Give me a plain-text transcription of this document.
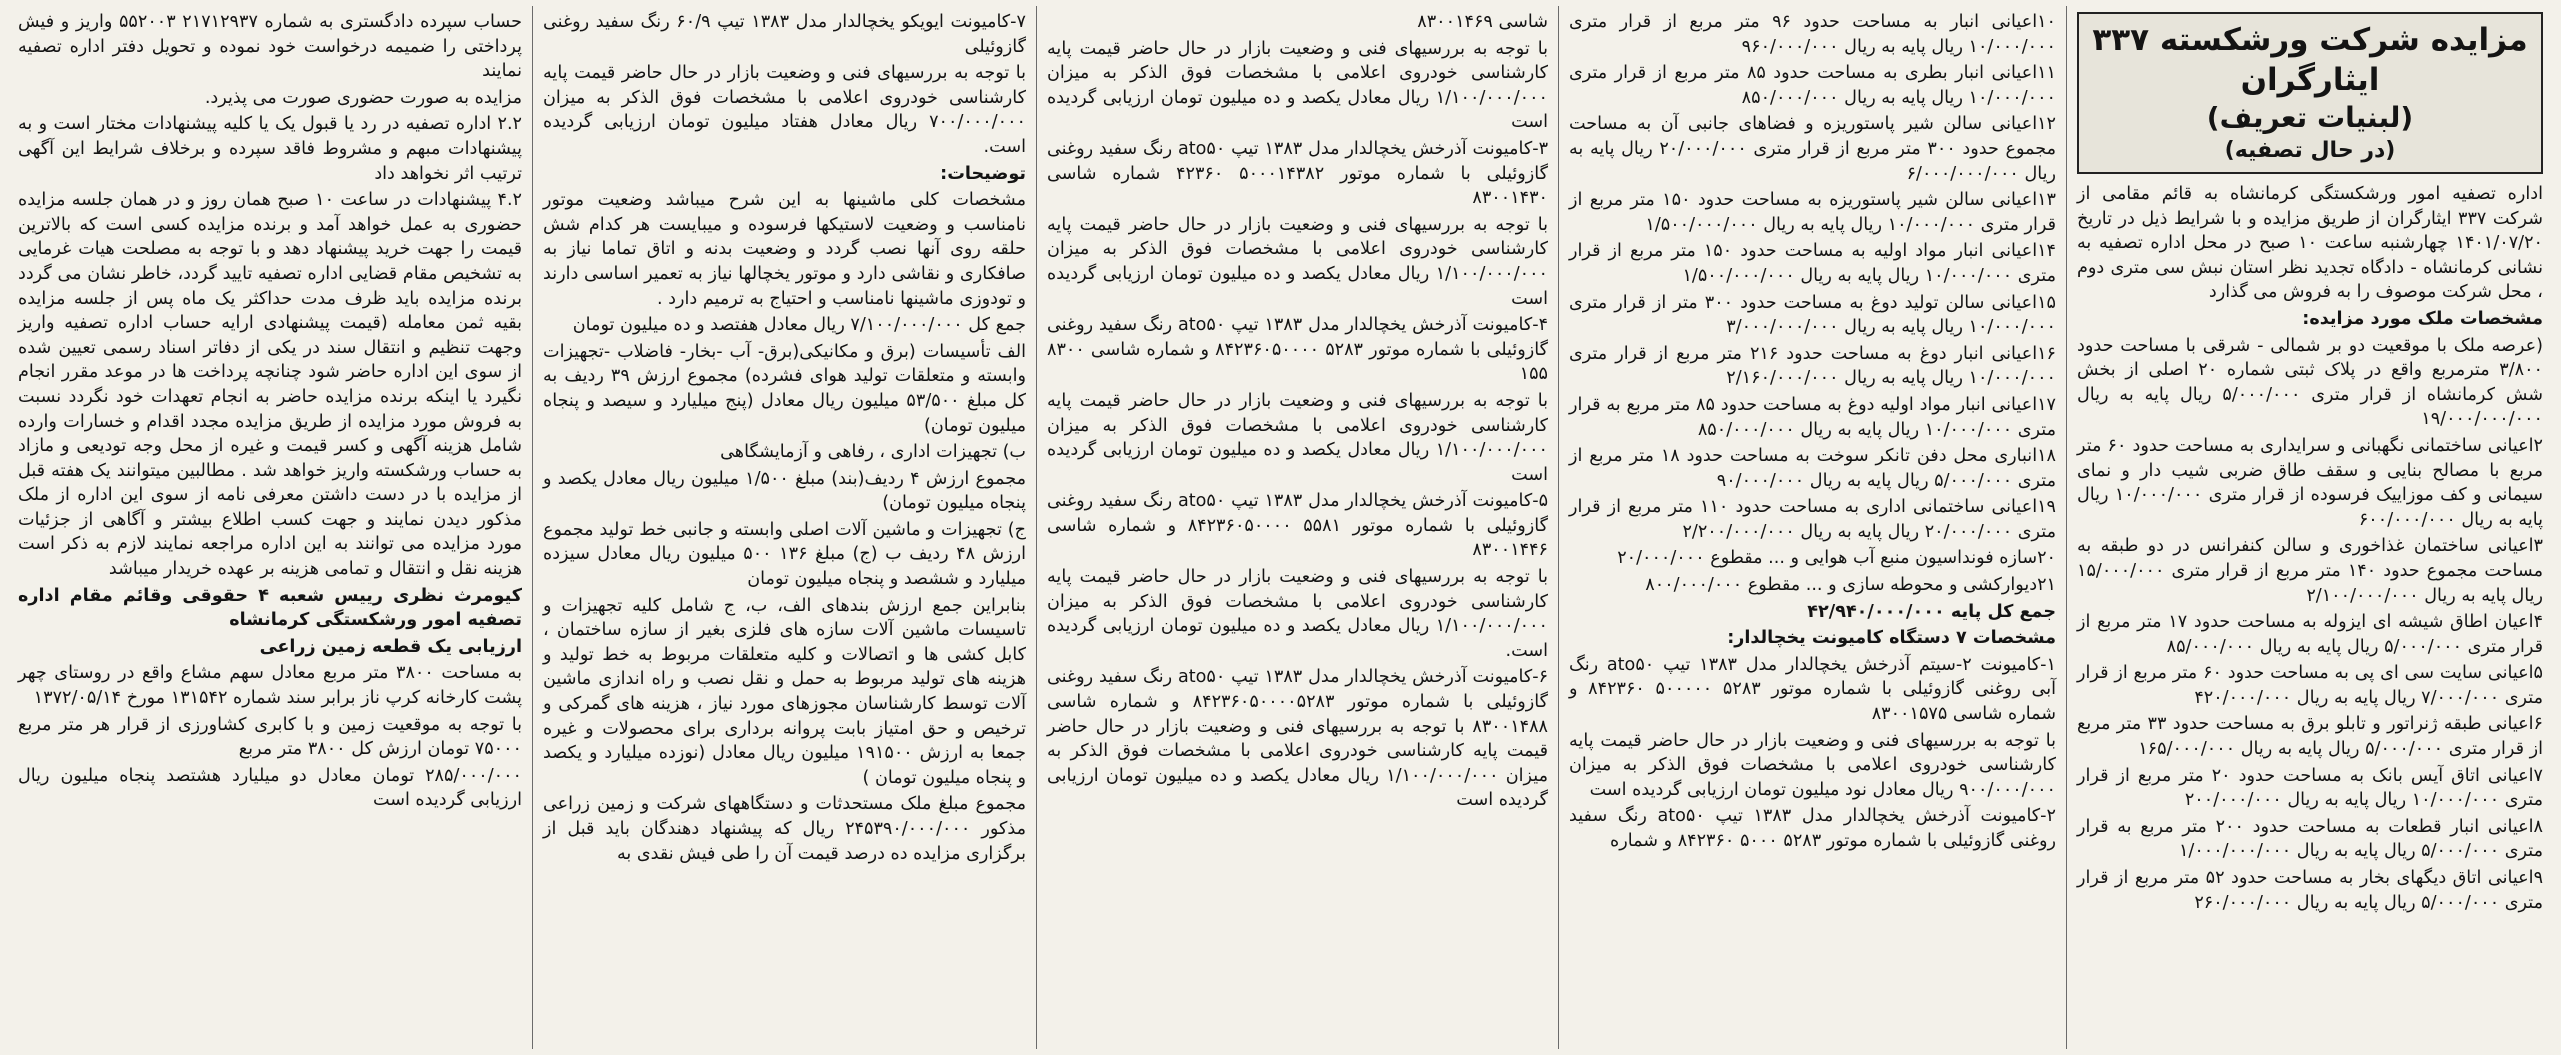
مزایده شرکت ورشکسته ۳۳۷ ایثارگران
(لبنیات تعریف)
(در حال تصفیه)

اداره تصفیه امور ورشکستگی کرمانشاه به قائم مقامی از شرکت ۳۳۷ ایثارگران از طریق مزایده و با شرایط ذیل در تاریخ ۱۴۰۱/۰۷/۲۰ چهارشنبه ساعت ۱۰ صبح در محل اداره تصفیه به نشانی کرمانشاه - دادگاه تجدید نظر استان نبش سی متری دوم ، محل شرکت موصوف را به فروش می گذارد

مشخصات ملک مورد مزایده:

(عرصه ملک با موقعیت دو بر شمالی - شرقی با مساحت حدود ۳/۸۰۰ مترمربع واقع در پلاک ثبتی شماره ۲۰ اصلی از بخش شش کرمانشاه از قرار متری ۵/۰۰۰/۰۰۰ ریال پایه به ریال ۱۹/۰۰۰/۰۰۰/۰۰۰

۲اعیانی ساختمانی نگهبانی و سرایداری به مساحت حدود ۶۰ متر مربع با مصالح بنایی و سقف طاق ضربی شیب دار و نمای سیمانی و کف موزاییک فرسوده از قرار متری ۱۰/۰۰۰/۰۰۰ ریال پایه به ریال ۶۰۰/۰۰۰/۰۰۰

۳اعیانی ساختمان غذاخوری و سالن کنفرانس در دو طبقه به مساحت مجموع حدود ۱۴۰ متر مربع از قرار متری ۱۵/۰۰۰/۰۰۰ ریال پایه به ریال ۲/۱۰۰/۰۰۰/۰۰۰

۴اعیان اطاق شیشه ای ایزوله به مساحت حدود ۱۷ متر مربع از قرار متری ۵/۰۰۰/۰۰۰ ریال پایه به ریال ۸۵/۰۰۰/۰۰۰

۵اعیانی سایت سی ای پی به مساحت حدود ۶۰ متر مربع از قرار متری ۷/۰۰۰/۰۰۰ ریال پایه به ریال ۴۲۰/۰۰۰/۰۰۰

۶اعیانی طبقه ژنراتور و تابلو برق به مساحت حدود ۳۳ متر مربع از قرار متری ۵/۰۰۰/۰۰۰ ریال پایه به ریال ۱۶۵/۰۰۰/۰۰۰

۷اعیانی اتاق آیس بانک به مساحت حدود ۲۰ متر مربع از قرار متری ۱۰/۰۰۰/۰۰۰ ریال پایه به ریال ۲۰۰/۰۰۰/۰۰۰

۸اعیانی انبار قطعات به مساحت حدود ۲۰۰ متر مربع به قرار متری ۵/۰۰۰/۰۰۰ ریال پایه به ریال ۱/۰۰۰/۰۰۰/۰۰۰

۹اعیانی اتاق دیگهای بخار به مساحت حدود ۵۲ متر مربع از قرار متری ۵/۰۰۰/۰۰۰ ریال پایه به ریال ۲۶۰/۰۰۰/۰۰۰

۱۰اعیانی انبار به مساحت حدود ۹۶ متر مربع از قرار متری ۱۰/۰۰۰/۰۰۰ ریال پایه به ریال ۹۶۰/۰۰۰/۰۰۰

۱۱اعیانی انبار بطری به مساحت حدود ۸۵ متر مربع از قرار متری ۱۰/۰۰۰/۰۰۰ ریال پایه به ریال ۸۵۰/۰۰۰/۰۰۰

۱۲اعیانی سالن شیر پاستوریزه و فضاهای جانبی آن به مساحت مجموع حدود ۳۰۰ متر مربع از قرار متری ۲۰/۰۰۰/۰۰۰ ریال پایه به ریال ۶/۰۰۰/۰۰۰/۰۰۰

۱۳اعیانی سالن شیر پاستوریزه به مساحت حدود ۱۵۰ متر مربع از قرار متری ۱۰/۰۰۰/۰۰۰ ریال پایه به ریال ۱/۵۰۰/۰۰۰/۰۰۰

۱۴اعیانی انبار مواد اولیه به مساحت حدود ۱۵۰ متر مربع از قرار متری ۱۰/۰۰۰/۰۰۰ ریال پایه به ریال ۱/۵۰۰/۰۰۰/۰۰۰

۱۵اعیانی سالن تولید دوغ به مساحت حدود ۳۰۰ متر از قرار متری ۱۰/۰۰۰/۰۰۰ ریال پایه به ریال ۳/۰۰۰/۰۰۰/۰۰۰

۱۶اعیانی انبار دوغ به مساحت حدود ۲۱۶ متر مربع از قرار متری ۱۰/۰۰۰/۰۰۰ ریال پایه به ریال ۲/۱۶۰/۰۰۰/۰۰۰

۱۷اعیانی انبار مواد اولیه دوغ به مساحت حدود ۸۵ متر مربع به قرار متری ۱۰/۰۰۰/۰۰۰ ریال پایه به ریال ۸۵۰/۰۰۰/۰۰۰

۱۸انباری محل دفن تانکر سوخت به مساحت حدود ۱۸ متر مربع از متری ۵/۰۰۰/۰۰۰ ریال پایه به ریال ۹۰/۰۰۰/۰۰۰

۱۹اعیانی ساختمانی اداری به مساحت حدود ۱۱۰ متر مربع از قرار متری ۲۰/۰۰۰/۰۰۰ ریال پایه به ریال ۲/۲۰۰/۰۰۰/۰۰۰

۲۰سازه فونداسیون منبع آب هوایی و ... مقطوع ۲۰/۰۰۰/۰۰۰

۲۱دیوارکشی و محوطه سازی و ... مقطوع ۸۰۰/۰۰۰/۰۰۰

جمع کل پایه ۴۲/۹۴۰/۰۰۰/۰۰۰

مشخصات ۷ دستگاه کامیونت یخچالدار:

۱-کامیونت ۲-سیتم آذرخش یخچالدار مدل ۱۳۸۳ تیپ ato۵۰ رنگ آبی روغنی گازوئیلی با شماره موتور ۵۲۸۳ ۵۰۰۰۰۰ ۸۴۲۳۶۰ و شماره شاسی ۸۳۰۰۱۵۷۵

با توجه به بررسیهای فنی و وضعیت بازار در حال حاضر قیمت پایه کارشناسی خودروی اعلامی با مشخصات فوق الذکر به میزان ۹۰۰/۰۰۰/۰۰۰ ریال معادل نود میلیون تومان ارزیابی گردیده است

۲-کامیونت آذرخش یخچالدار مدل ۱۳۸۳ تیپ ato۵۰ رنگ سفید روغنی گازوئیلی با شماره موتور ۵۲۸۳ ۵۰۰۰ ۸۴۲۳۶۰ و شماره

شاسی ۸۳۰۰۱۴۶۹

با توجه به بررسیهای فنی و وضعیت بازار در حال حاضر قیمت پایه کارشناسی خودروی اعلامی با مشخصات فوق الذکر به میزان ۱/۱۰۰/۰۰۰/۰۰۰ ریال معادل یکصد و ده میلیون تومان ارزیابی گردیده است

۳-کامیونت آذرخش یخچالدار مدل ۱۳۸۳ تیپ ato۵۰ رنگ سفید روغنی گازوئیلی با شماره موتور ۵۰۰۰۱۴۳۸۲ ۴۲۳۶۰ شماره شاسی ۸۳۰۰۱۴۳۰

با توجه به بررسیهای فنی و وضعیت بازار در حال حاضر قیمت پایه کارشناسی خودروی اعلامی با مشخصات فوق الذکر به میزان ۱/۱۰۰/۰۰۰/۰۰۰ ریال معادل یکصد و ده میلیون تومان ارزیابی گردیده است

۴-کامیونت آذرخش یخچالدار مدل ۱۳۸۳ تیپ ato۵۰ رنگ سفید روغنی گازوئیلی با شماره موتور ۵۲۸۳ ۸۴۲۳۶۰۵۰۰۰۰ و شماره شاسی ۸۳۰۰ ۱۵۵

با توجه به بررسیهای فنی و وضعیت بازار در حال حاضر قیمت پایه کارشناسی خودروی اعلامی با مشخصات فوق الذکر به میزان ۱/۱۰۰/۰۰۰/۰۰۰ ریال معادل یکصد و ده میلیون تومان ارزیابی گردیده است

۵-کامیونت آذرخش یخچالدار مدل ۱۳۸۳ تیپ ato۵۰ رنگ سفید روغنی گازوئیلی با شماره موتور ۵۵۸۱ ۸۴۲۳۶۰۵۰۰۰۰ و شماره شاسی ۸۳۰۰۱۴۴۶

با توجه به بررسیهای فنی و وضعیت بازار در حال حاضر قیمت پایه کارشناسی خودروی اعلامی با مشخصات فوق الذکر به میزان ۱/۱۰۰/۰۰۰/۰۰۰ ریال معادل یکصد و ده میلیون تومان ارزیابی گردیده است.

۶-کامیونت آذرخش یخچالدار مدل ۱۳۸۳ تیپ ato۵۰ رنگ سفید روغنی گازوئیلی با شماره موتور ۸۴۲۳۶۰۵۰۰۰۰۵۲۸۳ و شماره شاسی ۸۳۰۰۱۴۸۸ با توجه به بررسیهای فنی و وضعیت بازار در حال حاضر قیمت پایه کارشناسی خودروی اعلامی با مشخصات فوق الذکر به میزان ۱/۱۰۰/۰۰۰/۰۰۰ ریال معادل یکصد و ده میلیون تومان ارزیابی گردیده است

۷-کامیونت ایویکو یخچالدار مدل ۱۳۸۳ تیپ ۶۰/۹ رنگ سفید روغنی گازوئیلی

با توجه به بررسیهای فنی و وضعیت بازار در حال حاضر قیمت پایه کارشناسی خودروی اعلامی با مشخصات فوق الذکر به میزان ۷۰۰/۰۰۰/۰۰۰ ریال معادل هفتاد میلیون تومان ارزیابی گردیده است.

توضیحات:

مشخصات کلی ماشینها به این شرح میباشد وضعیت موتور نامناسب و وضعیت لاستیکها فرسوده و میبایست هر کدام شش حلقه روی آنها نصب گردد و وضعیت بدنه و اتاق تماما نیاز به صافکاری و نقاشی دارد و موتور یخچالها نیاز به تعمیر اساسی دارند و تودوزی ماشینها نامناسب و احتیاج به ترمیم دارد .

جمع کل ۷/۱۰۰/۰۰۰/۰۰۰ ریال معادل هفتصد و ده میلیون تومان

الف تأسیسات (برق و مکانیکی(برق- آب -بخار- فاضلاب -تجهیزات وابسته و متعلقات تولید هوای فشرده) مجموع ارزش ۳۹ ردیف به کل مبلغ ۵۳/۵۰۰ میلیون ریال معادل (پنج میلیارد و سیصد و پنجاه میلیون تومان)

ب) تجهیزات اداری ، رفاهی و آزمایشگاهی

مجموع ارزش ۴ ردیف(بند) مبلغ ۱/۵۰۰ میلیون ریال معادل یکصد و پنجاه میلیون تومان)

ج) تجهیزات و ماشین آلات اصلی وابسته و جانبی خط تولید مجموع ارزش ۴۸ ردیف ب (ج) مبلغ ۱۳۶ ۵۰۰ میلیون ریال معادل سیزده میلیارد و ششصد و پنجاه میلیون تومان

بنابراین جمع ارزش بندهای الف، ب، ج شامل کلیه تجهیزات و تاسیسات ماشین آلات سازه های فلزی بغیر از سازه ساختمان ، کابل کشی ها و اتصالات و کلیه متعلقات مربوط به خط تولید و هزینه های تولید مربوط به حمل و نقل نصب و راه اندازی ماشین آلات توسط کارشناسان مجوزهای مورد نیاز ، هزینه های گمرکی و ترخیص و حق امتیاز بابت پروانه برداری برای محصولات و غیره جمعا به ارزش ۱۹۱۵۰۰ میلیون ریال معادل (نوزده میلیارد و یکصد و پنجاه میلیون تومان )

مجموع مبلغ ملک مستحدثات و دستگاههای شرکت و زمین زراعی مذکور ۲۴۵۳۹۰/۰۰۰/۰۰۰ ریال که پیشنهاد دهندگان باید قبل از برگزاری مزایده ده درصد قیمت آن را طی فیش نقدی به

حساب سپرده دادگستری به شماره ۲۱۷۱۲۹۳۷ ۵۵۲۰۰۳ واریز و فیش پرداختی را ضمیمه درخواست خود نموده و تحویل دفتر اداره تصفیه نمایند

مزایده به صورت حضوری صورت می پذیرد.

۲.۲ اداره تصفیه در رد یا قبول یک یا کلیه پیشنهادات مختار است و به پیشنهادات مبهم و مشروط فاقد سپرده و برخلاف شرایط این آگهی ترتیب اثر نخواهد داد

۴.۲ پیشنهادات در ساعت ۱۰ صبح همان روز و در همان جلسه مزایده حضوری به عمل خواهد آمد و برنده مزایده کسی است که بالاترین قیمت را جهت خرید پیشنهاد دهد و با توجه به مصلحت هیات غرمایی به تشخیص مقام قضایی اداره تصفیه تایید گردد، خاطر نشان می گردد برنده مزایده باید ظرف مدت حداکثر یک ماه پس از جلسه مزایده بقیه ثمن معامله (قیمت پیشنهادی ارایه حساب اداره تصفیه واریز وجهت تنظیم و انتقال سند در یکی از دفاتر اسناد رسمی تعیین شده از سوی این اداره حاضر شود چنانچه پرداخت ها در موعد مقرر انجام نگیرد یا اینکه برنده مزایده حاضر به انجام تعهدات خود نگردد نسبت به فروش مورد مزایده از طریق مزایده مجدد اقدام و خسارات وارده شامل هزینه آگهی و کسر قیمت و غیره از محل وجه تودیعی و مازاد به حساب ورشکسته واریز خواهد شد . مطالبین میتوانند یک هفته قبل از مزایده با در دست داشتن معرفی نامه از سوی این اداره از ملک مذکور دیدن نمایند و جهت کسب اطلاع بیشتر و آگاهی از جزئیات مورد مزایده می توانند به این اداره مراجعه نمایند لازم به ذکر است هزینه نقل و انتقال و تمامی هزینه بر عهده خریدار میباشد

کیومرث نظری رییس شعبه ۴ حقوقی وقائم مقام اداره تصفیه امور ورشکستگی کرمانشاه

ارزیابی یک قطعه زمین زراعی

به مساحت ۳۸۰۰ متر مربع معادل سهم مشاع واقع در روستای چهر پشت کارخانه کرپ ناز برابر سند شماره ۱۳۱۵۴۲ مورخ ۱۳۷۲/۰۵/۱۴

با توجه به موقعیت زمین و با کابری کشاورزی از قرار هر متر مربع ۷۵۰۰۰ تومان ارزش کل ۳۸۰۰ متر مربع

۲۸۵/۰۰۰/۰۰۰ تومان معادل دو میلیارد هشتصد پنجاه میلیون ریال ارزیابی گردیده است
